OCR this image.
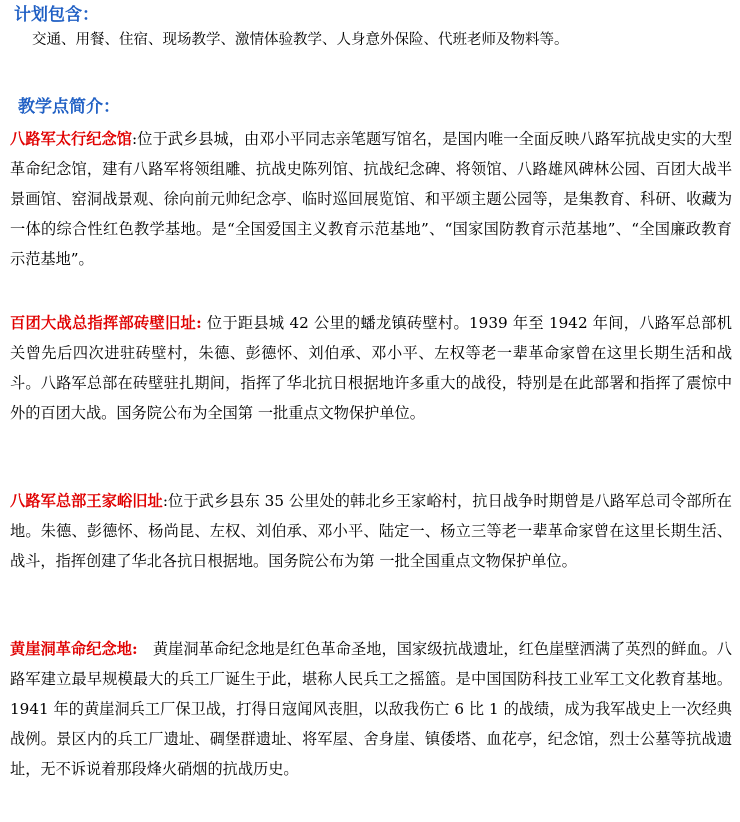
计划包含：
交通、用餐、住宿、现场教学、激情体验教学、人身意外保险、代班老师及物料等。
教学点简介：
八路军太行纪念馆:位于武乡县城，由邓小平同志亲笔题写馆名，是国内唯一全面反映八路军抗战史实的大型革命纪念馆，建有八路军将领组雕、抗战史陈列馆、抗战纪念碑、将领馆、八路雄风碑林公园、百团大战半景画馆、窑洞战景观、徐向前元帅纪念亭、临时巡回展览馆、和平颂主题公园等，是集教育、科研、收藏为一体的综合性红色教学基地。是“全国爱国主义教育示范基地”、“国家国防教育示范基地”、“全国廉政教育示范基地”。
百团大战总指挥部砖壁旧址: 位于距县城 42 公里的蟠龙镇砖壁村。1939 年至 1942 年间，八路军总部机关曾先后四次进驻砖壁村，朱德、彭德怀、刘伯承、邓小平、左权等老一辈革命家曾在这里长期生活和战斗。八路军总部在砖壁驻扎期间，指挥了华北抗日根据地许多重大的战役，特别是在此部署和指挥了震惊中外的百团大战。国务院公布为全国第 一批重点文物保护单位。
八路军总部王家峪旧址:位于武乡县东 35 公里处的韩北乡王家峪村，抗日战争时期曾是八路军总司令部所在地。朱德、彭德怀、杨尚昆、左权、刘伯承、邓小平、陆定一、杨立三等老一辈革命家曾在这里长期生活、战斗，指挥创建了华北各抗日根据地。国务院公布为第 一批全国重点文物保护单位。
黄崖洞革命纪念地:　黄崖洞革命纪念地是红色革命圣地，国家级抗战遗址，红色崖壁洒满了英烈的鲜血。八路军建立最早规模最大的兵工厂诞生于此，堪称人民兵工之摇篮。是中国国防科技工业军工文化教育基地。1941 年的黄崖洞兵工厂保卫战，打得日寇闻风丧胆，以敌我伤亡 6 比 1 的战绩，成为我军战史上一次经典战例。景区内的兵工厂遗址、碉堡群遗址、将军屋、舍身崖、镇倭塔、血花亭，纪念馆，烈士公墓等抗战遗址，无不诉说着那段烽火硝烟的抗战历史。
